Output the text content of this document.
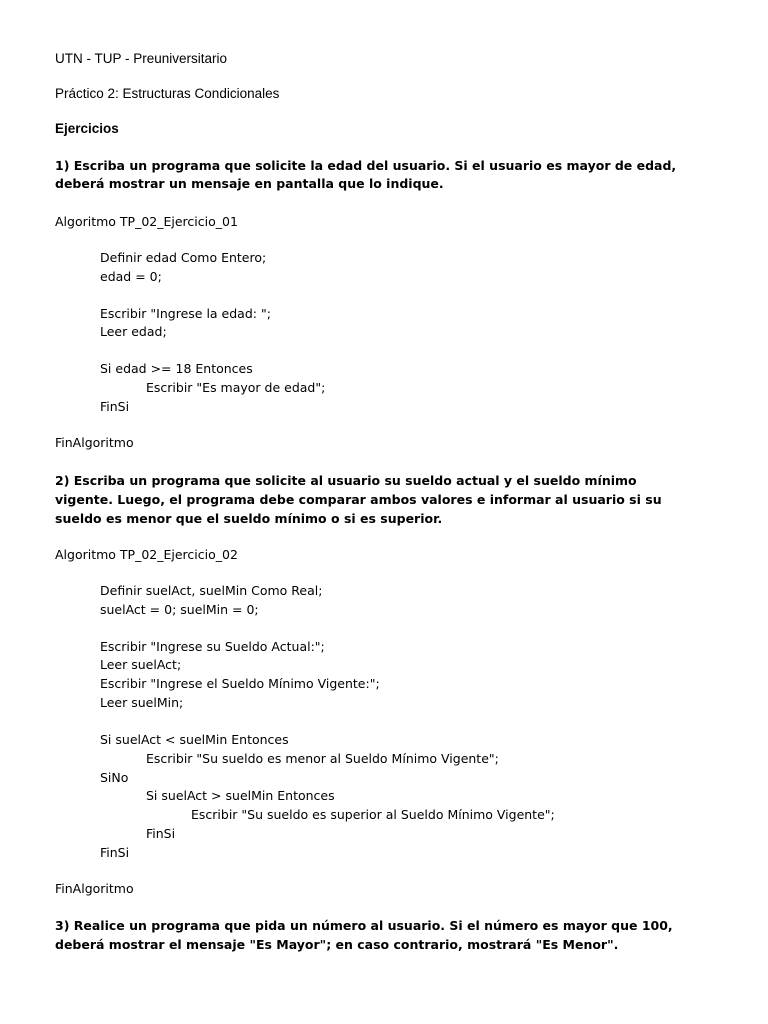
UTN - TUP - Preuniversitario
Práctico 2: Estructuras Condicionales
Ejercicios
1) Escriba un programa que solicite la edad del usuario. Si el usuario es mayor de edad,
deberá mostrar un mensaje en pantalla que lo indique.
Algoritmo TP_02_Ejercicio_01
Definir edad Como Entero;
edad = 0;
Escribir "Ingrese la edad: ";
Leer edad;
Si edad >= 18 Entonces
Escribir "Es mayor de edad";
FinSi
FinAlgoritmo
2) Escriba un programa que solicite al usuario su sueldo actual y el sueldo mínimo
vigente. Luego, el programa debe comparar ambos valores e informar al usuario si su
sueldo es menor que el sueldo mínimo o si es superior.
Algoritmo TP_02_Ejercicio_02
Definir suelAct, suelMin Como Real;
suelAct = 0; suelMin = 0;
Escribir "Ingrese su Sueldo Actual:";
Leer suelAct;
Escribir "Ingrese el Sueldo Mínimo Vigente:";
Leer suelMin;
Si suelAct < suelMin Entonces
Escribir "Su sueldo es menor al Sueldo Mínimo Vigente";
SiNo
Si suelAct > suelMin Entonces
Escribir "Su sueldo es superior al Sueldo Mínimo Vigente";
FinSi
FinSi
FinAlgoritmo
3) Realice un programa que pida un número al usuario. Si el número es mayor que 100,
deberá mostrar el mensaje "Es Mayor"; en caso contrario, mostrará "Es Menor".
